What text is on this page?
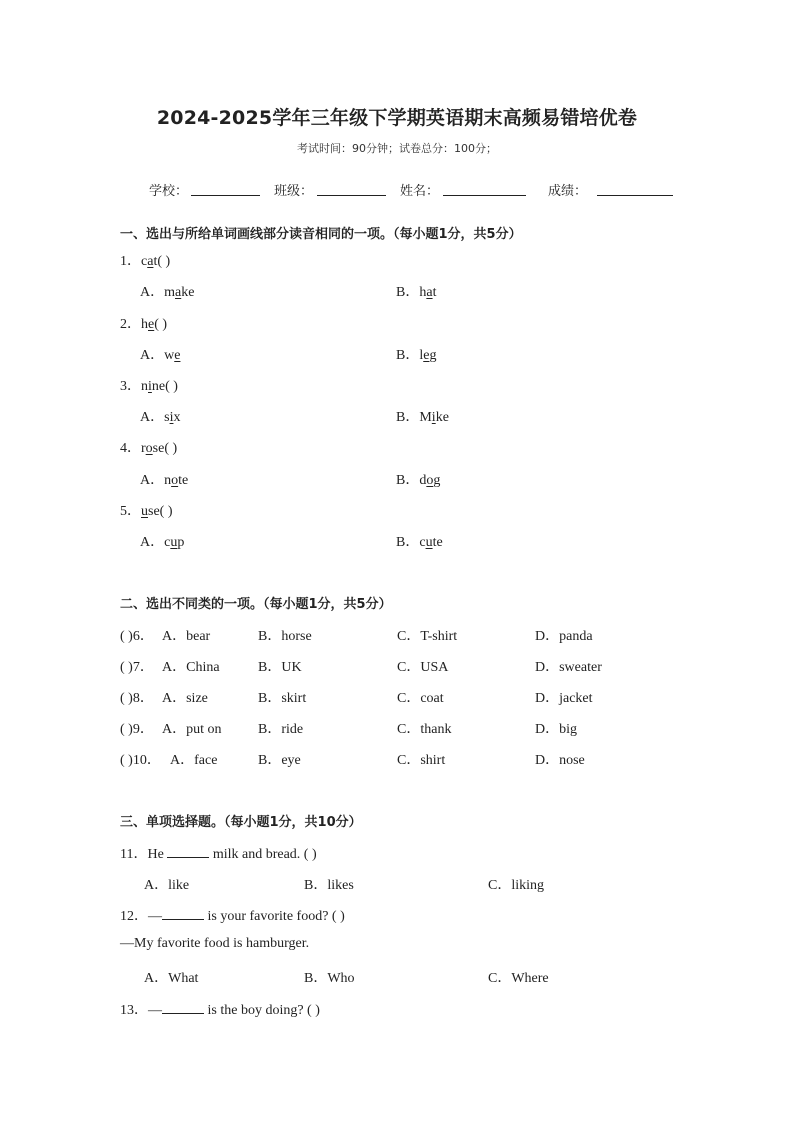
2024-2025学年三年级下学期英语期末高频易错培优卷
考试时间：90分钟；试卷总分：100分；
学校：	班级：	姓名：	成绩：
一、选出与所给单词画线部分读音相同的一项。（每小题1分，共5分）
1．cat( )
A．make	B．hat
2．he( )
A．we	B．leg
3．nine( )
A．six	B．Mike
4．rose( )
A．note	B．dog
5．use( )
A．cup	B．cute
二、选出不同类的一项。（每小题1分，共5分）
( )6． A．bear	B．horse	C．T-shirt	D．panda
( )7． A．China	B．UK	C．USA	D．sweater
( )8． A．size	B．skirt	C．coat	D．jacket
( )9． A．put on	B．ride	C．thank	D．big
( )10． A．face	B．eye	C．shirt	D．nose
三、单项选择题。（每小题1分，共10分）
11．He	milk and bread. ( )
A．like	B．likes	C．liking
12．—	is your favorite food? ( )
—My favorite food is hamburger.
A．What	B．Who	C．Where
13．—	is the boy doing? ( )
